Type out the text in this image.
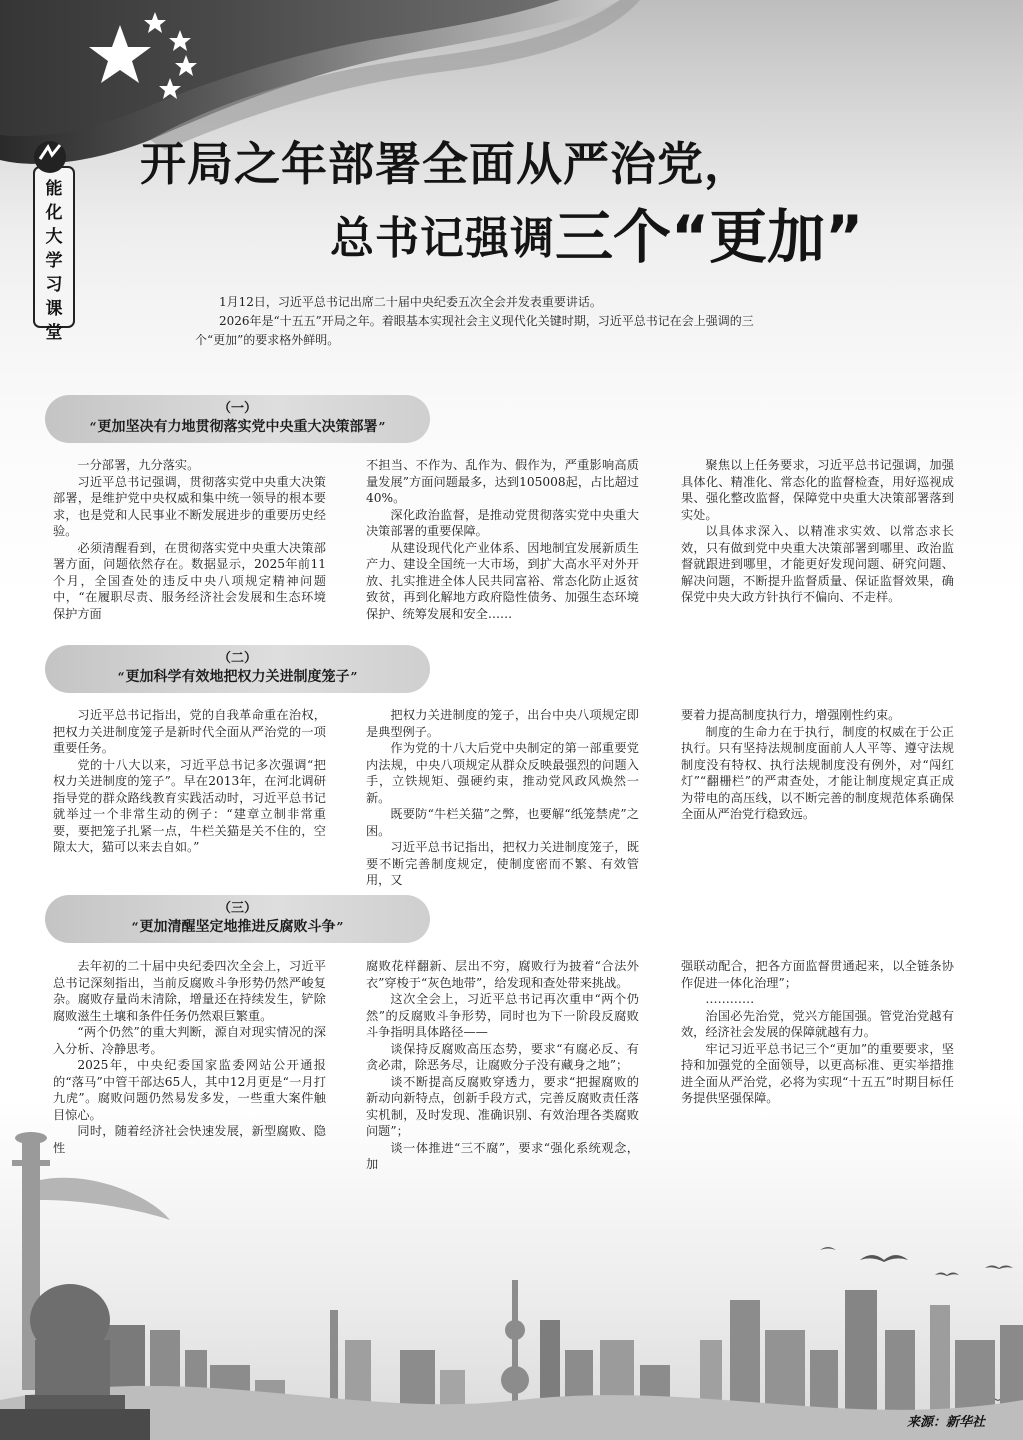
能
化
大
学
习
课
堂
开局之年部署全面从严治党，
总书记强调三个“更加”

1月12日，习近平总书记出席二十届中央纪委五次全会并发表重要讲话。

2026年是“十五五”开局之年。着眼基本实现社会主义现代化关键时期，习近平总书记在会上强调的三

个“更加”的要求格外鲜明。

（一）
“更加坚决有力地贯彻落实党中央重大决策部署”
（二）
“更加科学有效地把权力关进制度笼子”
（三）
“更加清醒坚定地推进反腐败斗争”

一分部署，九分落实。

习近平总书记强调，贯彻落实党中央重大决策部署，是维护党中央权威和集中统一领导的根本要求，也是党和人民事业不断发展进步的重要历史经验。

必须清醒看到，在贯彻落实党中央重大决策部署方面，问题依然存在。数据显示，2025年前11个月，全国查处的违反中央八项规定精神问题中，“在履职尽责、服务经济社会发展和生态环境保护方面

不担当、不作为、乱作为、假作为，严重影响高质量发展”方面问题最多，达到105008起，占比超过40%。

深化政治监督，是推动党贯彻落实党中央重大决策部署的重要保障。

从建设现代化产业体系、因地制宜发展新质生产力、建设全国统一大市场，到扩大高水平对外开放、扎实推进全体人民共同富裕、常态化防止返贫致贫，再到化解地方政府隐性债务、加强生态环境保护、统筹发展和安全……

聚焦以上任务要求，习近平总书记强调，加强具体化、精准化、常态化的监督检查，用好巡视成果、强化整改监督，保障党中央重大决策部署落到实处。

以具体求深入、以精准求实效、以常态求长效，只有做到党中央重大决策部署到哪里、政治监督就跟进到哪里，才能更好发现问题、研究问题、解决问题，不断提升监督质量、保证监督效果，确保党中央大政方针执行不偏向、不走样。

习近平总书记指出，党的自我革命重在治权，把权力关进制度笼子是新时代全面从严治党的一项重要任务。

党的十八大以来，习近平总书记多次强调“把权力关进制度的笼子”。早在2013年，在河北调研指导党的群众路线教育实践活动时，习近平总书记就举过一个非常生动的例子：“建章立制非常重要，要把笼子扎紧一点，牛栏关猫是关不住的，空隙太大，猫可以来去自如。”

把权力关进制度的笼子，出台中央八项规定即是典型例子。

作为党的十八大后党中央制定的第一部重要党内法规，中央八项规定从群众反映最强烈的问题入手，立铁规矩、强硬约束，推动党风政风焕然一新。

既要防“牛栏关猫”之弊，也要解“纸笼禁虎”之困。

习近平总书记指出，把权力关进制度笼子，既要不断完善制度规定，使制度密而不繁、有效管用，又

要着力提高制度执行力，增强刚性约束。

制度的生命力在于执行，制度的权威在于公正执行。只有坚持法规制度面前人人平等、遵守法规制度没有特权、执行法规制度没有例外，对“闯红灯”“翻栅栏”的严肃查处，才能让制度规定真正成为带电的高压线，以不断完善的制度规范体系确保全面从严治党行稳致远。

去年初的二十届中央纪委四次全会上，习近平总书记深刻指出，当前反腐败斗争形势仍然严峻复杂。腐败存量尚未清除，增量还在持续发生，铲除腐败滋生土壤和条件任务仍然艰巨繁重。

“两个仍然”的重大判断，源自对现实情况的深入分析、冷静思考。

2025年，中央纪委国家监委网站公开通报的“落马”中管干部达65人，其中12月更是“一月打九虎”。腐败问题仍然易发多发，一些重大案件触目惊心。

同时，随着经济社会快速发展，新型腐败、隐性

腐败花样翻新、层出不穷，腐败行为披着“合法外衣”穿梭于“灰色地带”，给发现和查处带来挑战。

这次全会上，习近平总书记再次重申“两个仍然”的反腐败斗争形势，同时也为下一阶段反腐败斗争指明具体路径——

谈保持反腐败高压态势，要求“有腐必反、有贪必肃，除恶务尽，让腐败分子没有藏身之地”；

谈不断提高反腐败穿透力，要求“把握腐败的新动向新特点，创新手段方式，完善反腐败责任落实机制，及时发现、准确识别、有效治理各类腐败问题”；

谈一体推进“三不腐”，要求“强化系统观念，加

强联动配合，把各方面监督贯通起来，以全链条协作促进一体化治理”；

…………

治国必先治党，党兴方能国强。管党治党越有效，经济社会发展的保障就越有力。

牢记习近平总书记三个“更加”的重要要求，坚持和加强党的全面领导，以更高标准、更实举措推进全面从严治党，必将为实现“十五五”时期目标任务提供坚强保障。

来源：新华社
